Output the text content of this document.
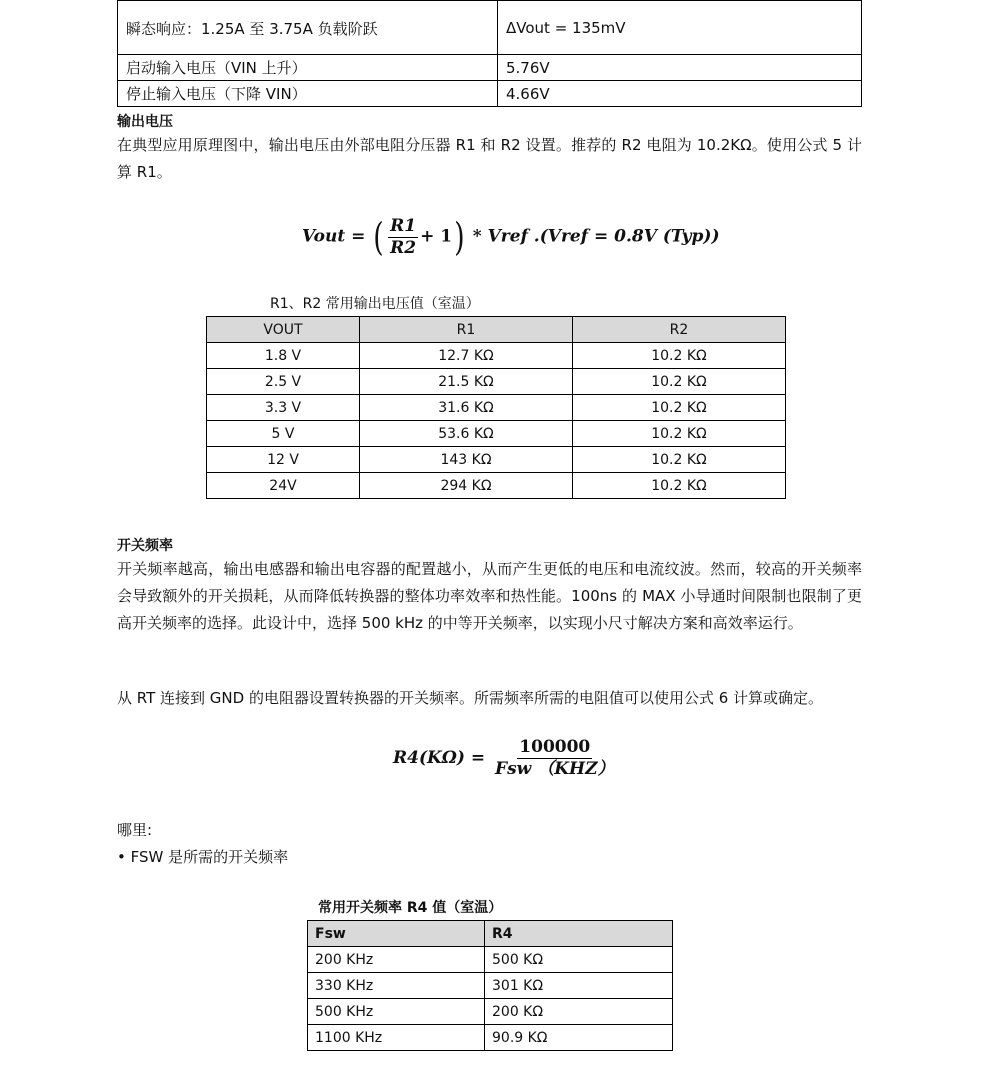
瞬态响应：1.25A 至 3.75A 负载阶跃	ΔVout = 135mV
启动输入电压（VIN 上升）	5.76V
停止输入电压（下降 VIN）	4.66V

输出电压

在典型应用原理图中，输出电压由外部电阻分压器 R1 和 R2 设置。推荐的 R2 电阻为 10.2KΩ。使用公式 5 计算 R1。

Vout = ( $\frac{R1}{R2} + 1$) * Vref .(Vref = 0.8V (Typ))

R1、R2 常用输出电压值（室温）

VOUT	R1	R2
1.8 V	12.7 KΩ	10.2 KΩ
2.5 V	21.5 KΩ	10.2 KΩ
3.3 V	31.6 KΩ	10.2 KΩ
5 V	53.6 KΩ	10.2 KΩ
12 V	143 KΩ	10.2 KΩ
24V	294 KΩ	10.2 KΩ

开关频率

开关频率越高，输出电感器和输出电容器的配置越小，从而产生更低的电压和电流纹波。然而，较高的开关频率会导致额外的开关损耗，从而降低转换器的整体功率效率和热性能。100ns 的 MAX 小导通时间限制也限制了更高开关频率的选择。此设计中，选择 500 kHz 的中等开关频率，以实现小尺寸解决方案和高效率运行。

从 RT 连接到 GND 的电阻器设置转换器的开关频率。所需频率所需的电阻值可以使用公式 6 计算或确定。

$R4(K\Omega) = \frac{100000}{\text{Fsw （KHZ）}}$

哪里:

• FSW 是所需的开关频率

常用开关频率 R4 值（室温）

Fsw	R4
200 KHz	500 KΩ
330 KHz	301 KΩ
500 KHz	200 KΩ
1100 KHz	90.9 KΩ
